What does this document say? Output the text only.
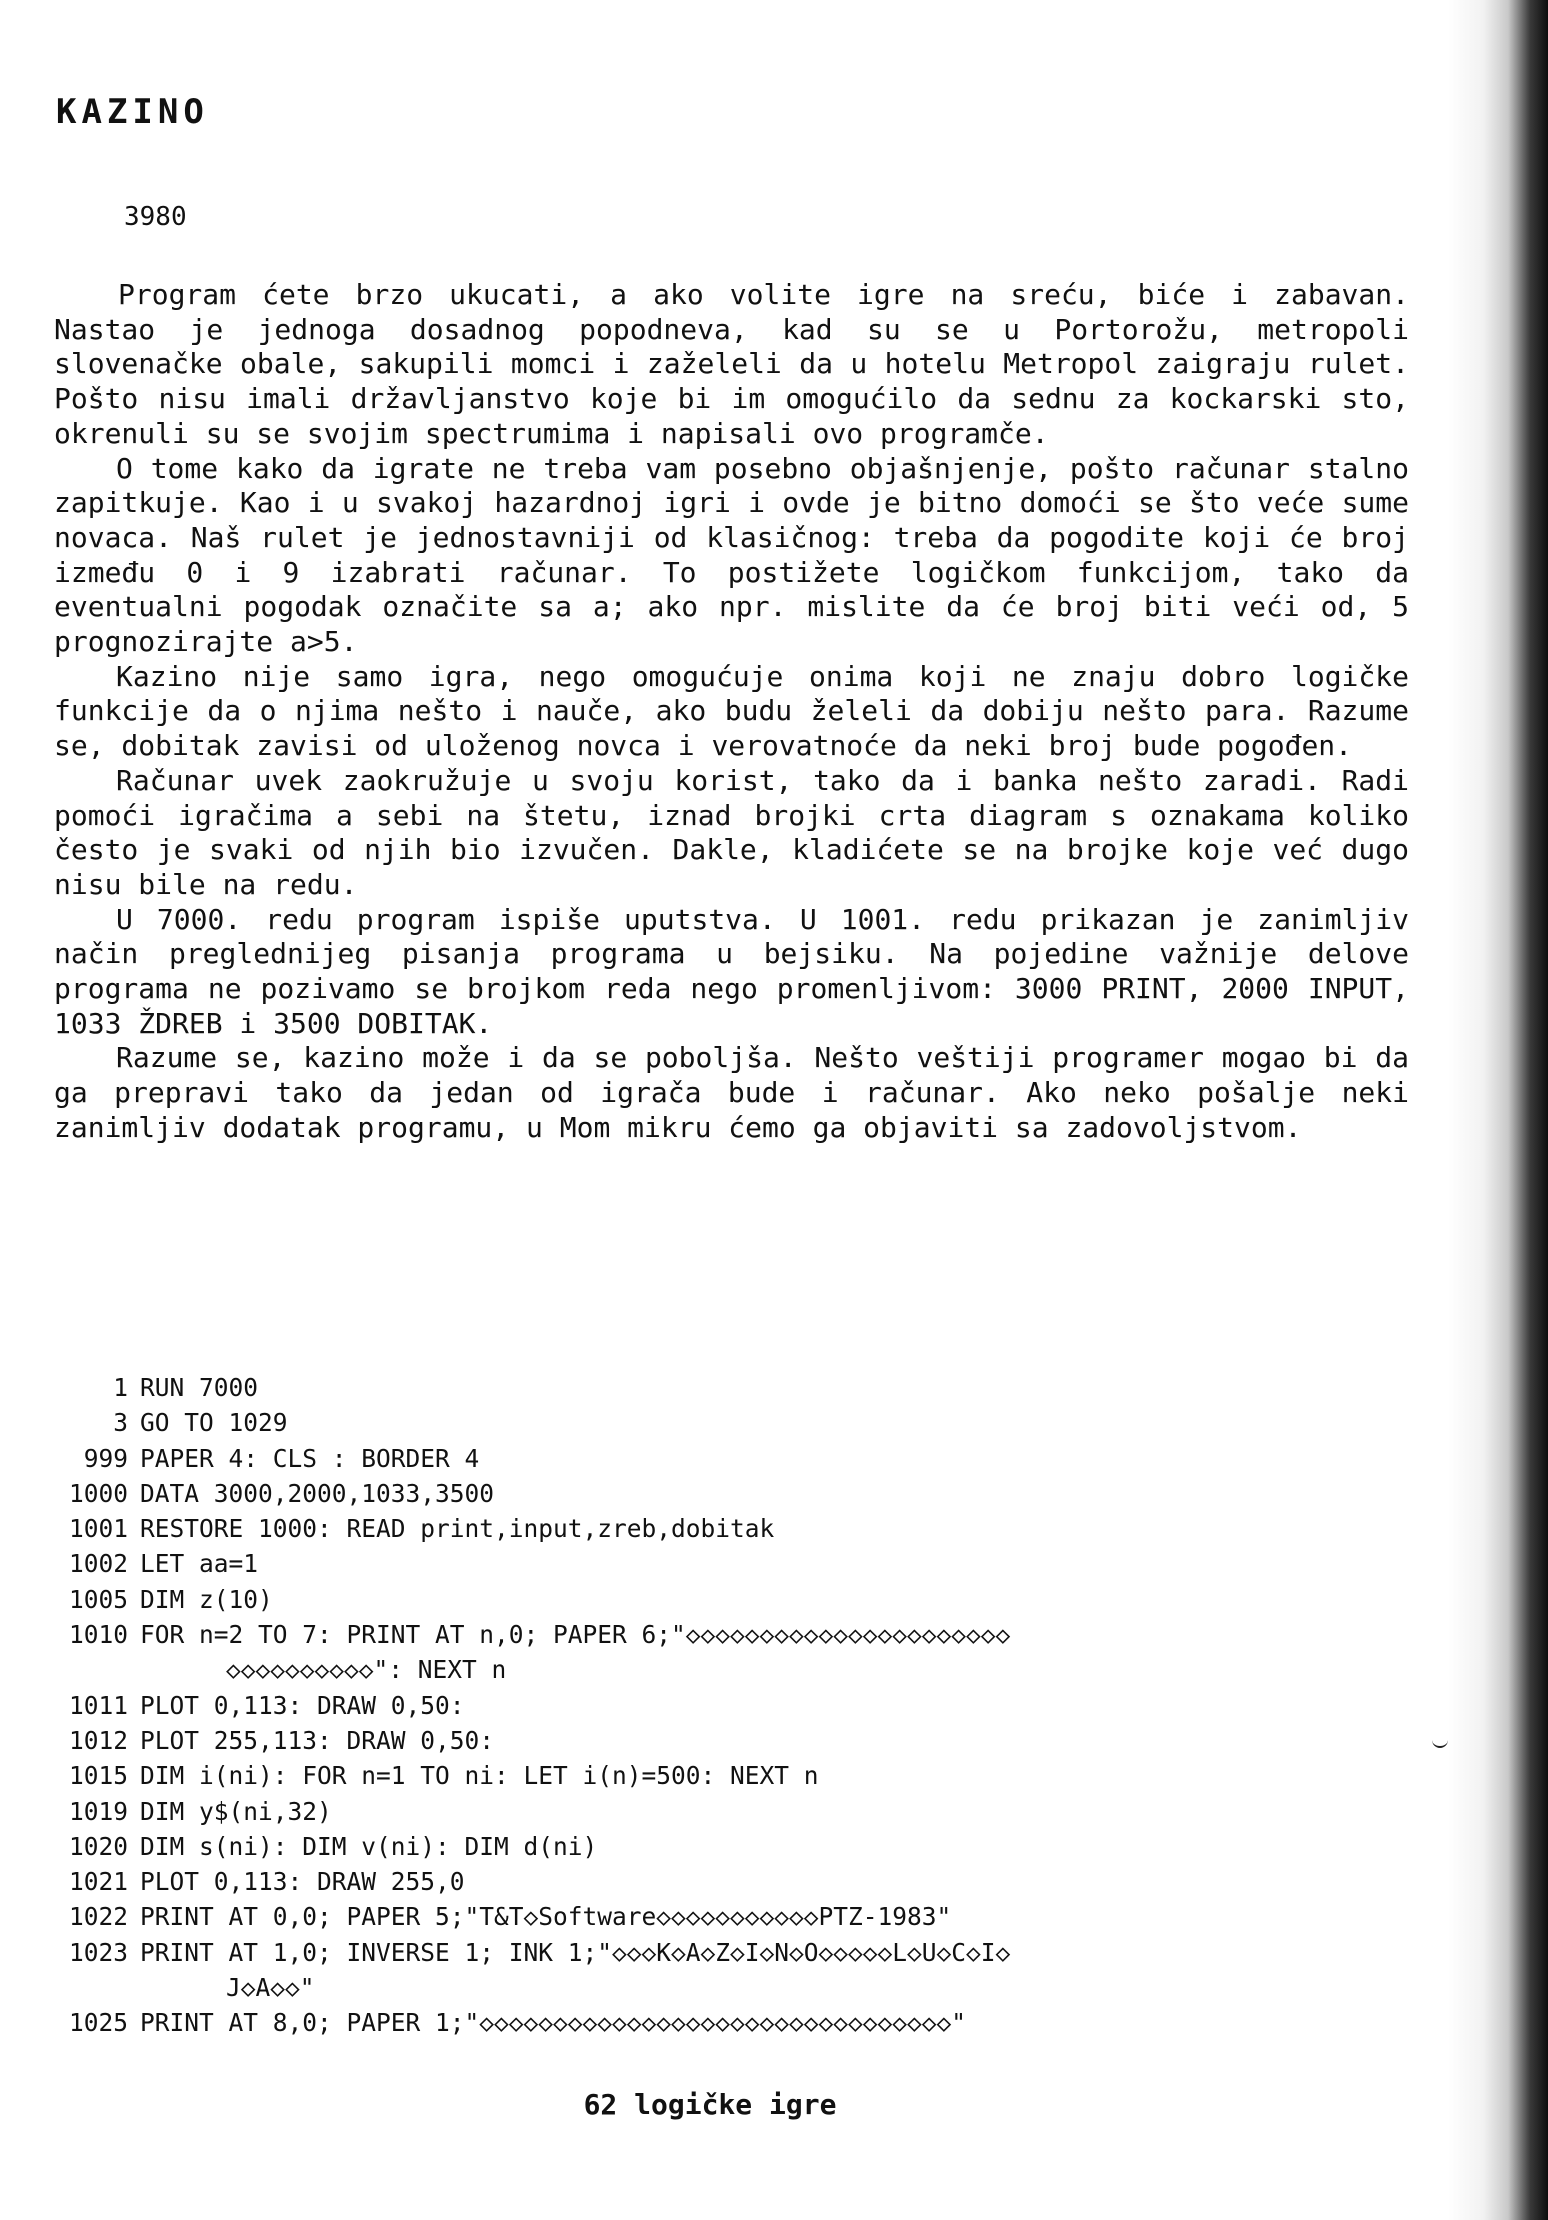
KAZINO
3980

Program ćete brzo ukucati, a ako volite igre na sreću, biće i zabavan. Nastao je jednoga dosadnog popodneva, kad su se u Portorožu, metropoli slovenačke obale, sakupili momci i zaželeli da u hotelu Metropol zaigraju rulet. Pošto nisu imali državljanstvo koje bi im omogućilo da sednu za kockarski sto, okrenuli su se svojim spectrumima i napisali ovo programče.

O tome kako da igrate ne treba vam posebno objašnjenje, pošto računar stalno zapitkuje. Kao i u svakoj hazardnoj igri i ovde je bitno domoći se što veće sume novaca. Naš rulet je jednostavniji od klasičnog: treba da pogodite koji će broj između 0 i 9 izabrati računar. To postižete logičkom funkcijom, tako da eventualni pogodak označite sa a; ako npr. mislite da će broj biti veći od, 5 prognozirajte a>5.

Kazino nije samo igra, nego omogućuje onima koji ne znaju dobro logičke funkcije da o njima nešto i nauče, ako budu želeli da dobiju nešto para. Razume se, dobitak zavisi od uloženog novca i verovatnoće da neki broj bude pogođen.

Računar uvek zaokružuje u svoju korist, tako da i banka nešto zaradi. Radi pomoći igračima a sebi na štetu, iznad brojki crta diagram s oznakama koliko često je svaki od njih bio izvučen. Dakle, kladićete se na brojke koje već dugo nisu bile na redu.

U 7000. redu program ispiše uputstva. U 1001. redu prikazan je zanimljiv način preglednijeg pisanja programa u bejsiku. Na pojedine važnije delove programa ne pozivamo se brojkom reda nego promenljivom: 3000 PRINT, 2000 INPUT, 1033 ŽDREB i 3500 DOBITAK.

Razume se, kazino može i da se poboljša. Nešto veštiji programer mogao bi da ga prepravi tako da jedan od igrača bude i računar. Ako neko pošalje neki zanimljiv dodatak programu, u Mom mikru ćemo ga objaviti sa zadovoljstvom.

1 RUN 7000
3 GO TO 1029
999 PAPER 4: CLS : BORDER 4
1000 DATA 3000,2000,1033,3500
1001 RESTORE 1000: READ print,input,zreb,dobitak
1002 LET aa=1
1005 DIM z(10)
1010 FOR n=2 TO 7: PRINT AT n,0; PAPER 6;"◇◇◇◇◇◇◇◇◇◇◇◇◇◇◇◇◇◇◇◇◇◇
◇◇◇◇◇◇◇◇◇◇": NEXT n
1011 PLOT 0,113: DRAW 0,50:
1012 PLOT 255,113: DRAW 0,50:
1015 DIM i(ni): FOR n=1 TO ni: LET i(n)=500: NEXT n
1019 DIM y$(ni,32)
1020 DIM s(ni): DIM v(ni): DIM d(ni)
1021 PLOT 0,113: DRAW 255,0
1022 PRINT AT 0,0; PAPER 5;"T&T◇Software◇◇◇◇◇◇◇◇◇◇◇PTZ-1983"
1023 PRINT AT 1,0; INVERSE 1; INK 1;"◇◇◇K◇A◇Z◇I◇N◇O◇◇◇◇◇L◇U◇C◇I◇
J◇A◇◇"
1025 PRINT AT 8,0; PAPER 1;"◇◇◇◇◇◇◇◇◇◇◇◇◇◇◇◇◇◇◇◇◇◇◇◇◇◇◇◇◇◇◇◇"
62 logičke igre
